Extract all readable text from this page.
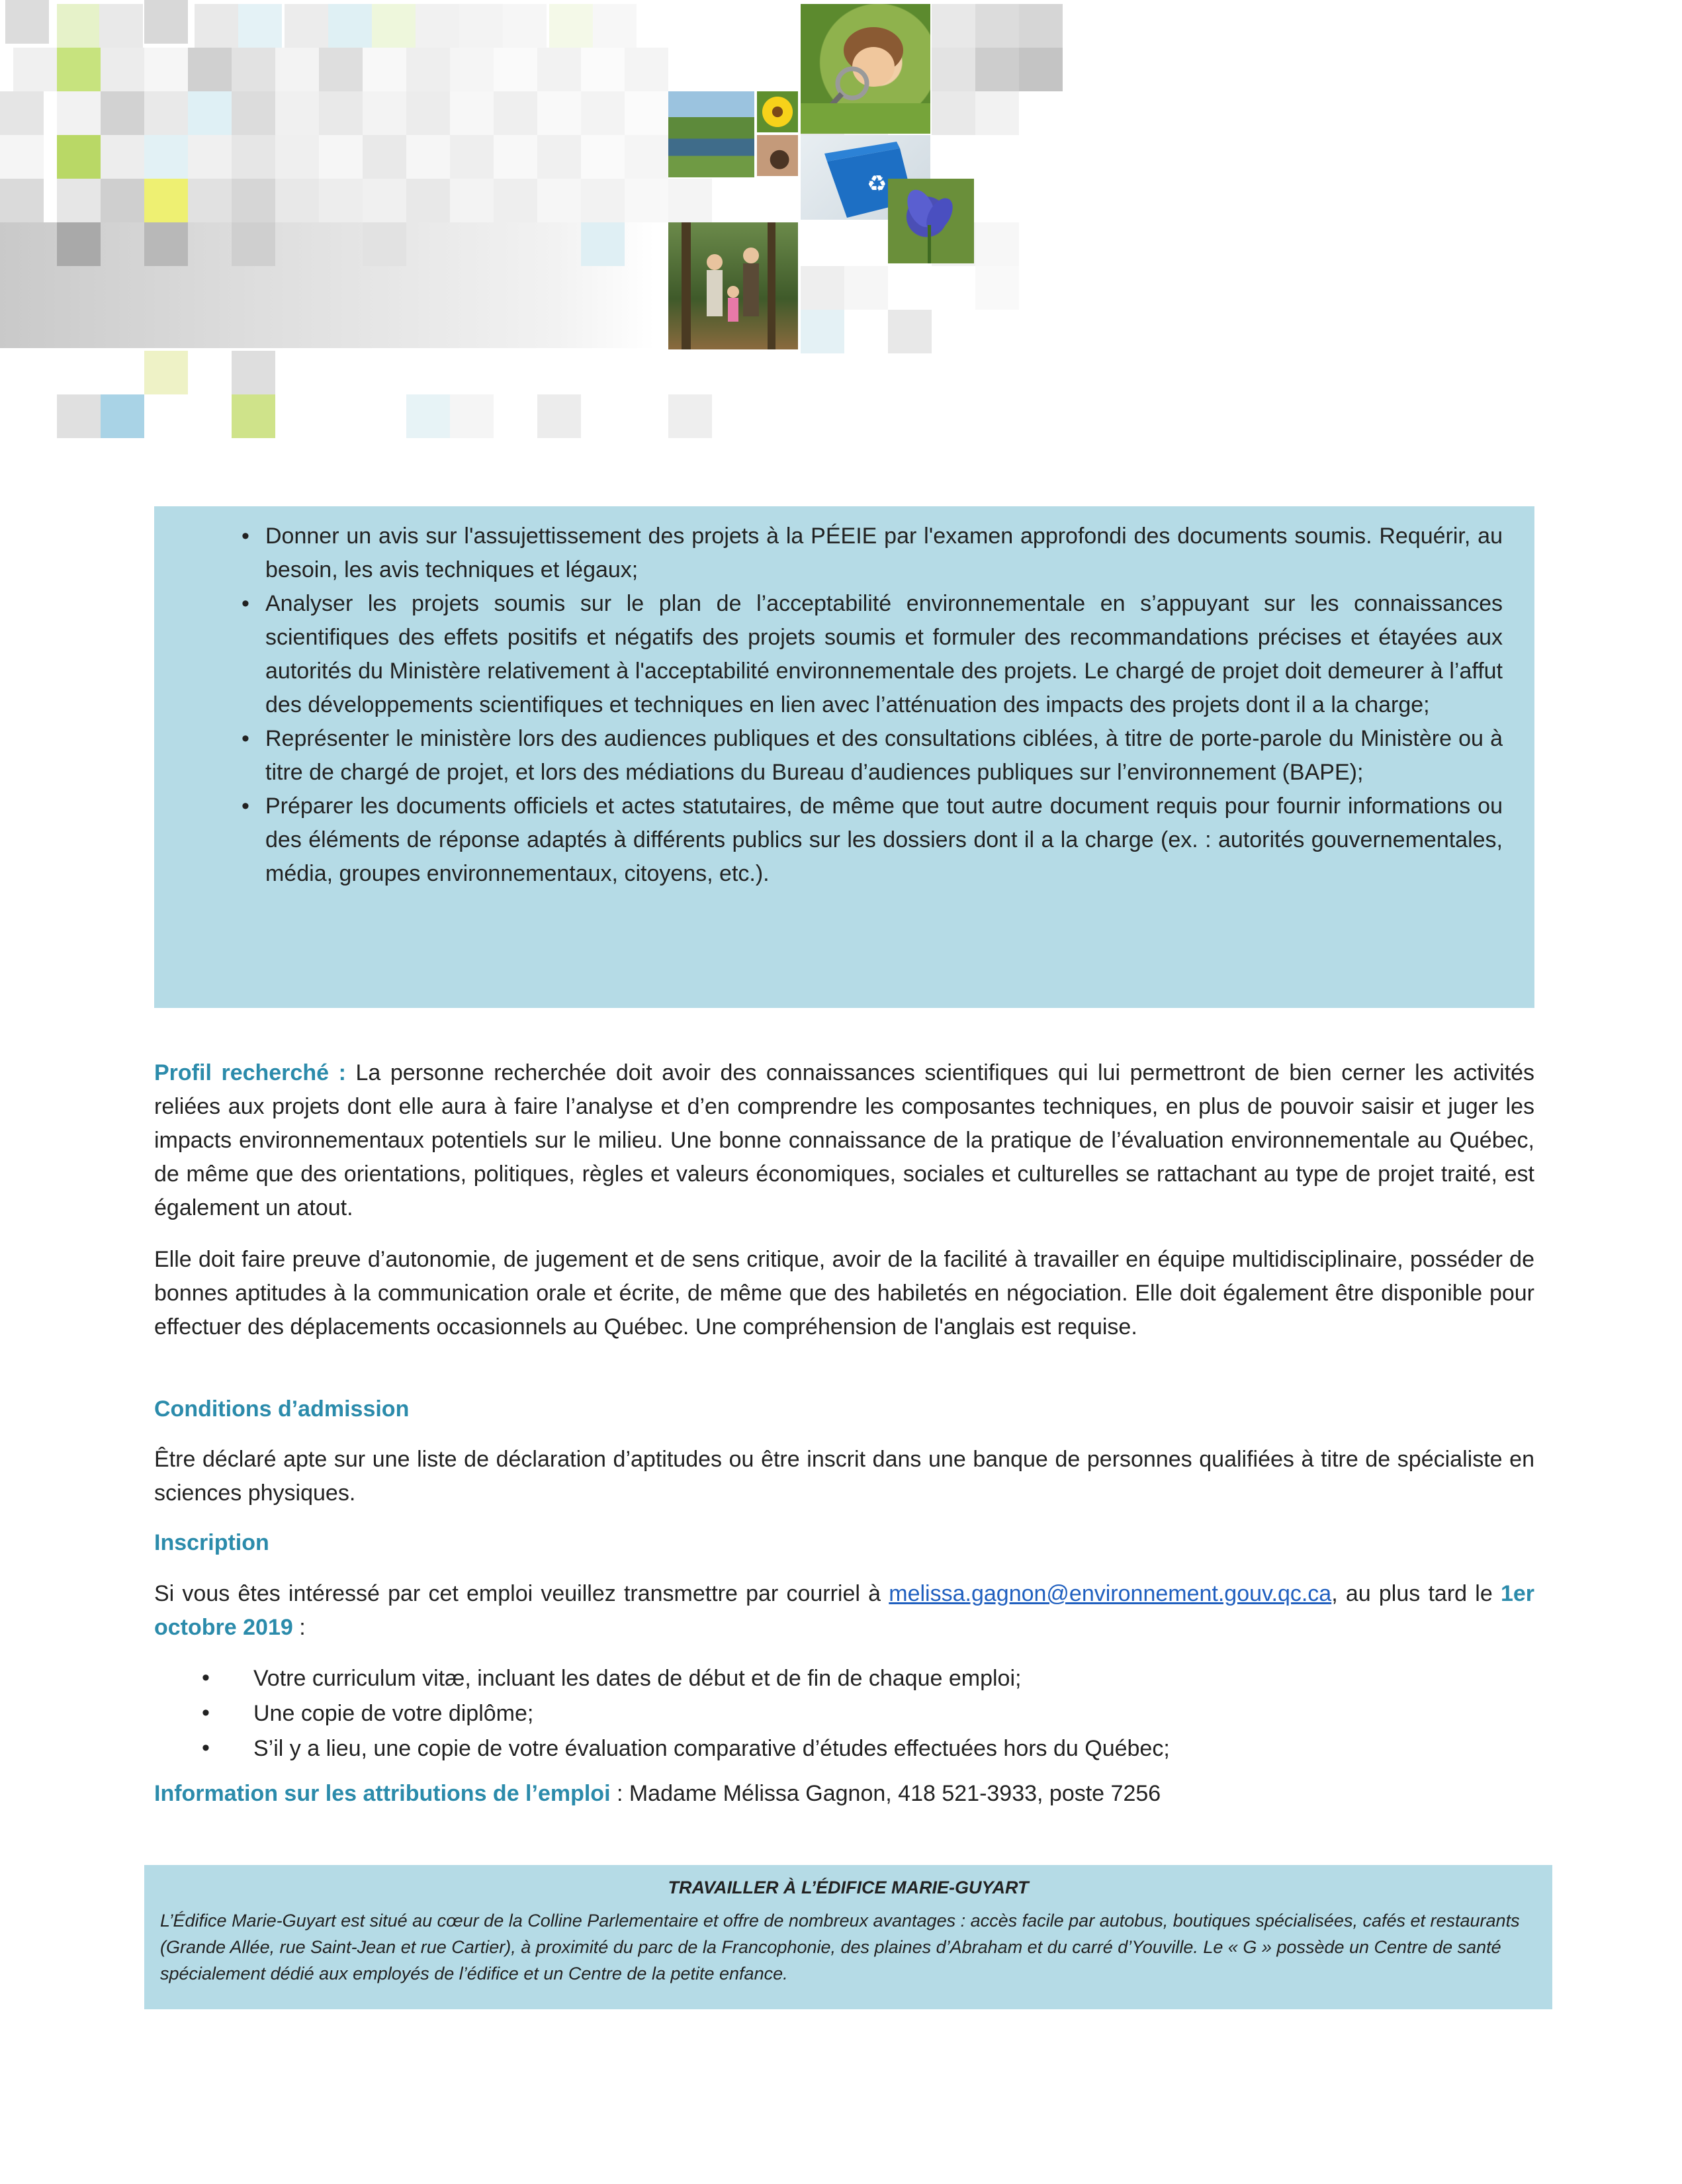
♻
• Donner un avis sur l'assujettissement des projets à la PÉEIE par l'examen approfondi des documents soumis. Requérir, au besoin, les avis techniques et légaux;
• Analyser les projets soumis sur le plan de l’acceptabilité environnementale en s’appuyant sur les connaissances scientifiques des effets positifs et négatifs des projets soumis et formuler des recommandations précises et étayées aux autorités du Ministère relativement à l'acceptabilité environnementale des projets. Le chargé de projet doit demeurer à l’affut des développements scientifiques et techniques en lien avec l’atténuation des impacts des projets dont il a la charge;
• Représenter le ministère lors des audiences publiques et des consultations ciblées, à titre de porte-parole du Ministère ou à titre de chargé de projet, et lors des médiations du Bureau d’audiences publiques sur l’environnement (BAPE);
• Préparer les documents officiels et actes statutaires, de même que tout autre document requis pour fournir informations ou des éléments de réponse adaptés à différents publics sur les dossiers dont il a la charge (ex. : autorités gouvernementales, média, groupes environnementaux, citoyens, etc.).

Profil recherché : La personne recherchée doit avoir des connaissances scientifiques qui lui permettront de bien cerner les activités reliées aux projets dont elle aura à faire l’analyse et d’en comprendre les composantes techniques, en plus de pouvoir saisir et juger les impacts environnementaux potentiels sur le milieu. Une bonne connaissance de la pratique de l’évaluation environnementale au Québec, de même que des orientations, politiques, règles et valeurs économiques, sociales et culturelles se rattachant au type de projet traité, est également un atout.

Elle doit faire preuve d’autonomie, de jugement et de sens critique, avoir de la facilité à travailler en équipe multidisciplinaire, posséder de bonnes aptitudes à la communication orale et écrite, de même que des habiletés en négociation. Elle doit également être disponible pour effectuer des déplacements occasionnels au Québec. Une compréhension de l'anglais est requise.

Conditions d’admission

Être déclaré apte sur une liste de déclaration d’aptitudes ou être inscrit dans une banque de personnes qualifiées à titre de spécialiste en sciences physiques.

Inscription

Si vous êtes intéressé par cet emploi veuillez transmettre par courriel à melissa.gagnon@environnement.gouv.qc.ca, au plus tard le 1er octobre 2019 :

• Votre curriculum vitæ, incluant les dates de début et de fin de chaque emploi;
• Une copie de votre diplôme;
• S’il y a lieu, une copie de votre évaluation comparative d’études effectuées hors du Québec;

Information sur les attributions de l’emploi : Madame Mélissa Gagnon, 418 521-3933, poste 7256

TRAVAILLER À L’ÉDIFICE MARIE-GUYART

L’Édifice Marie-Guyart est situé au cœur de la Colline Parlementaire et offre de nombreux avantages : accès facile par autobus, boutiques spécialisées, cafés et restaurants (Grande Allée, rue Saint-Jean et rue Cartier), à proximité du parc de la Francophonie, des plaines d’Abraham et du carré d’Youville. Le « G » possède un Centre de santé spécialement dédié aux employés de l’édifice et un Centre de la petite enfance.
